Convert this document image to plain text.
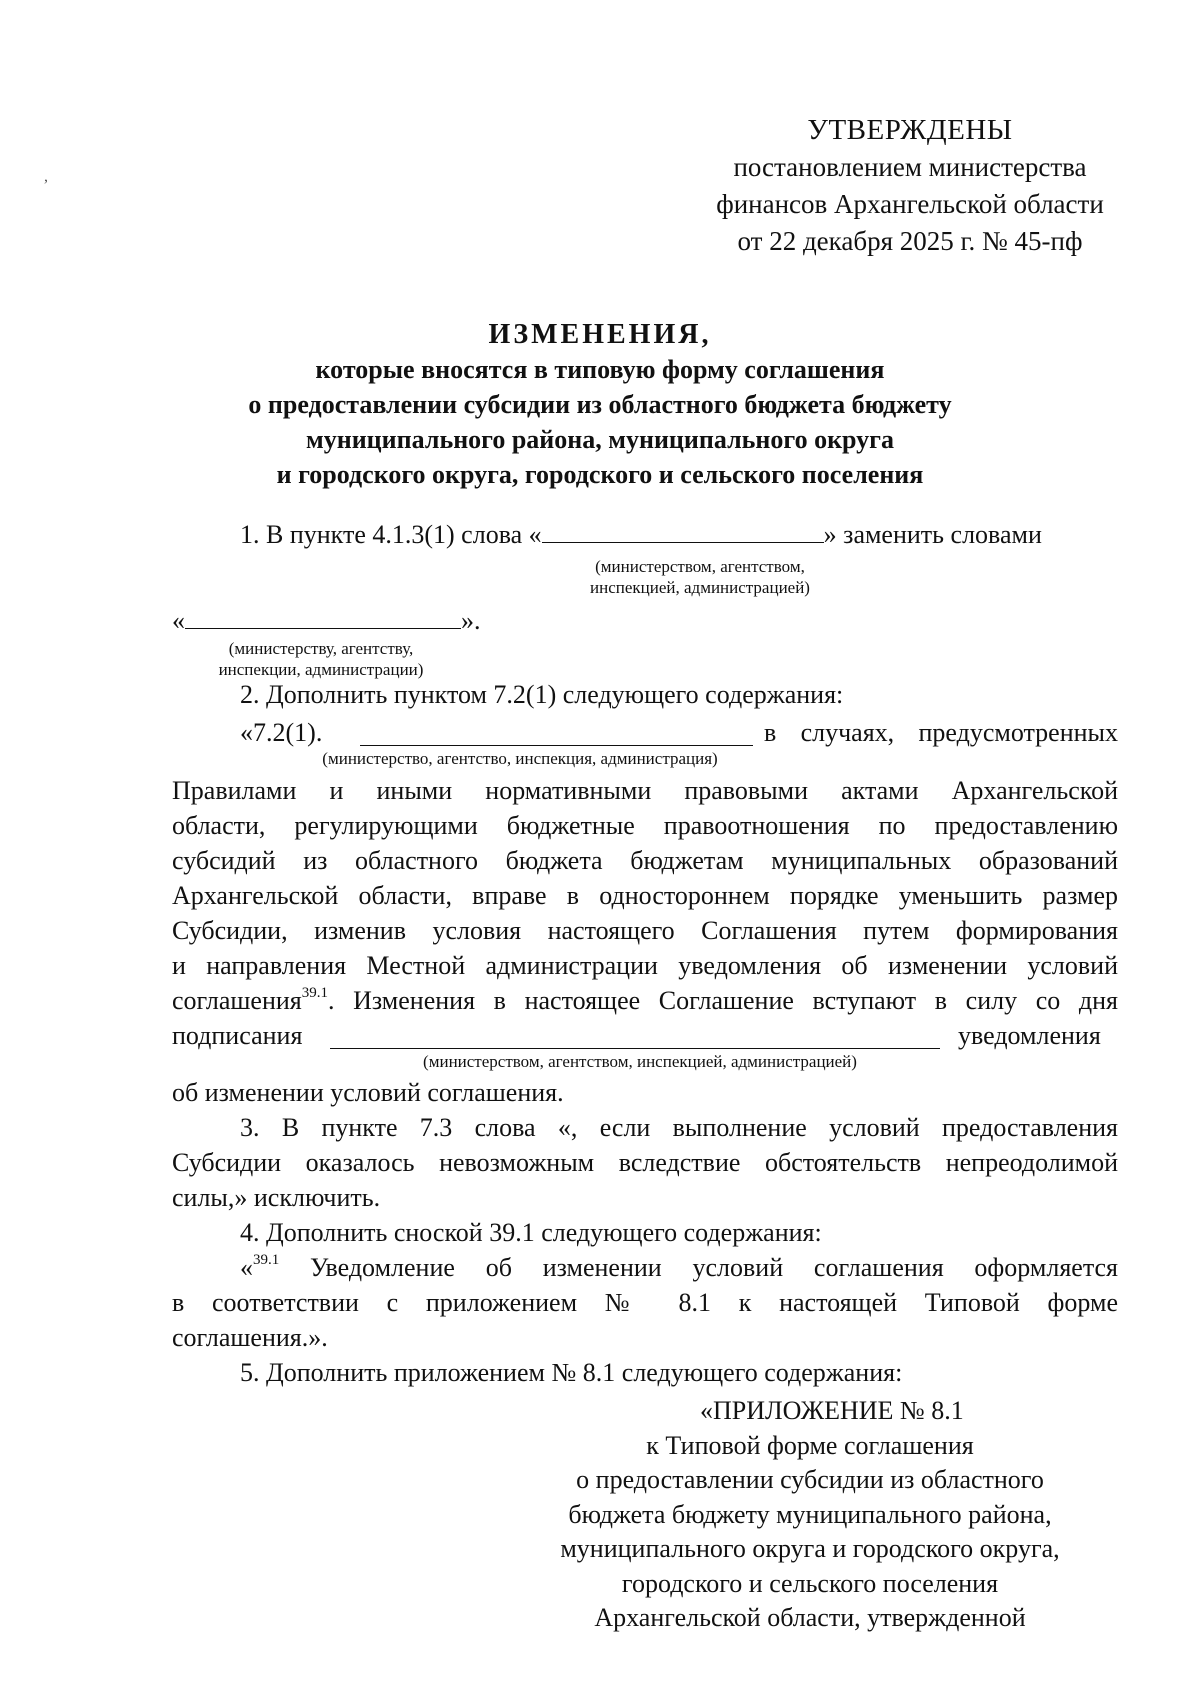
УТВЕРЖДЕНЫ
постановлением министерства
финансов Архангельской области
от 22 декабря 2025 г. № 45-пф
ИЗМЕНЕНИЯ,
которые вносятся в типовую форму соглашения
о предоставлении субсидии из областного бюджета бюджету
муниципального района, муниципального округа
и городского округа, городского и сельского поселения
1. В пункте 4.1.3(1) слова «	» заменить словами
(министерством, агентством,
инспекцией, администрацией)
«	».
(министерству, агентству,
инспекции, администрации)
2. Дополнить пунктом 7.2(1) следующего содержания:
«7.2(1).	в случаях, предусмотренных
(министерство, агентство, инспекция, администрация)
Правилами и иными нормативными правовыми актами Архангельской
области, регулирующими бюджетные правоотношения по предоставлению
субсидий из областного бюджета бюджетам муниципальных образований
Архангельской области, вправе в одностороннем порядке уменьшить размер
Субсидии, изменив условия настоящего Соглашения путем формирования
и направления Местной администрации уведомления об изменении условий
соглашения$^{39.1}$. Изменения в настоящее Соглашение вступают в силу со дня
подписания	уведомления
(министерством, агентством, инспекцией, администрацией)
об изменении условий соглашения.
3. В пункте 7.3 слова «, если выполнение условий предоставления
Субсидии оказалось невозможным вследствие обстоятельств непреодолимой
силы,» исключить.
4. Дополнить сноской 39.1 следующего содержания:
«$^{39.1}$ Уведомление об изменении условий соглашения оформляется
в соответствии с приложением № 8.1 к настоящей Типовой форме
соглашения.».
5. Дополнить приложением № 8.1 следующего содержания:
«ПРИЛОЖЕНИЕ № 8.1
к Типовой форме соглашения
о предоставлении субсидии из областного
бюджета бюджету муниципального района,
муниципального округа и городского округа,
городского и сельского поселения
Архангельской области, утвержденной
,
